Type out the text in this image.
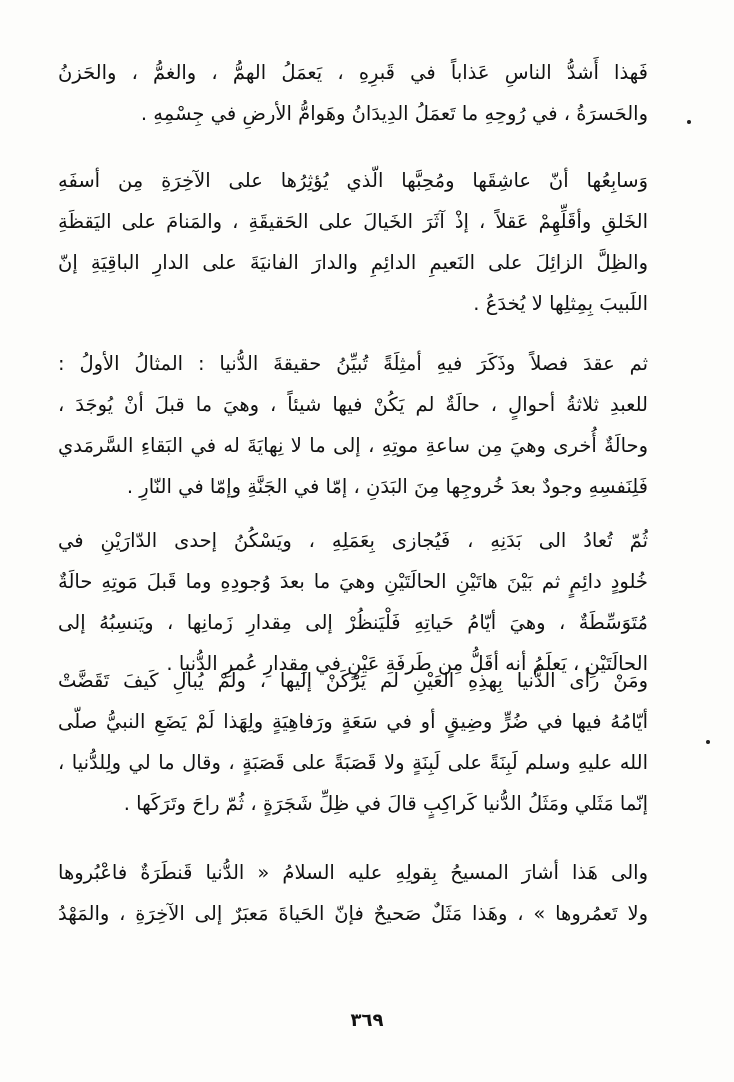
فَهذا أَشدُّ الناسِ عَذاباً في قَبرِهِ ، يَعمَلُ الهمُّ ، والغمُّ ، والحَزنُ
والحَسرَةُ ، في رُوحِهِ ما تَعمَلُ الدِيدَانُ وهَوامُّ الأرضِ في جِسْمِهِ .
وَسابِعُها أنّ عاشِقَها ومُحِبَّها الّذي يُؤثِرُها على الآخِرَةِ مِن أسفَهِ
الخَلقِ وأقَلِّهِمْ عَقلاً ، إذْ آثَرَ الخَيالَ على الحَقيقَةِ ، والمَنامَ على اليَقظَةِ
والظِلَّ الزائِلَ على النَعيمِ الدائِمِ والدارَ الفانيَةَ على الدارِ الباقِيَةِ إنّ
اللَبيبَ بِمِثلِها لا يُخدَعُ .
ثم عقدَ فصلاً وذَكَرَ فيهِ أمثِلَةً تُبيِّنُ حقيقةَ الدُّنيا : المثالُ الأولُ :
للعبدِ ثلاثةُ أحوالٍ ، حالَةٌ لم يَكُنْ فيها شيئاً ، وهيَ ما قبلَ أنْ يُوجَدَ ،
وحالَةٌ أُخرى وهيَ مِن ساعةِ موتِهِ ، إلى ما لا نِهايَةَ له في البَقاءِ السَّرمَدي
فَلِنَفسِهِ وجودٌ بعدَ خُروجِها مِنَ البَدَنِ ، إمّا في الجَنَّةِ وإمّا في النّارِ .
ثُمّ تُعادُ الى بَدَنِهِ ، فَيُجازى بِعَمَلِهِ ، ويَسْكُنُ إحدى الدّارَيْنِ في
خُلودٍ دائِمٍ ثم بَيْنَ هاتَيْنِ الحالَتَيْنِ وهيَ ما بعدَ وُجودِهِ وما قَبلَ مَوتِهِ حالَةٌ
مُتَوَسِّطَةٌ ، وهيَ أيّامُ حَياتِهِ فَلْيَنظُرْ إلى مِقدارِ زَمانِها ، ويَنسِبُهُ إلى
الحالَتَيْنِ ، يَعلَمُ أنه أقَلُّ مِن طَرفَةِ عَيْنٍ في مِقدارِ عُمرِ الدُّنيا .
ومَنْ رأى الدُّنيا بِهذِهِ العَيْنِ لم يَرْكَنْ إليها ، ولَمْ يُبالِ كَيفَ تَقَضَّتْ
أيّامُهُ فيها في ضُرٍّ وضِيقٍ أو في سَعَةٍ ورَفاهِيَةٍ ولِهَذا لَمْ يَضَعِ النبيُّ صلّى
الله عليهِ وسلم لَبِنَةً على لَبِنَةٍ ولا قَصَبَةً على قَصَبَةٍ ، وقال ما لي ولِلدُّنيا ،
إنّما مَثَلي ومَثَلُ الدُّنيا كَراكِبٍ قالَ في ظِلِّ شَجَرَةٍ ، ثُمّ راحَ وتَرَكَها .
والى هَذا أشارَ المسيحُ بِقولِهِ عليه السلامُ « الدُّنيا قَنطَرَةٌ فاعْبُروها
ولا تَعمُروها » ، وهَذا مَثَلٌ صَحيحٌ فإنّ الحَياةَ مَعبَرٌ إلى الآخِرَةِ ، والمَهْدُ
٣٦٩
